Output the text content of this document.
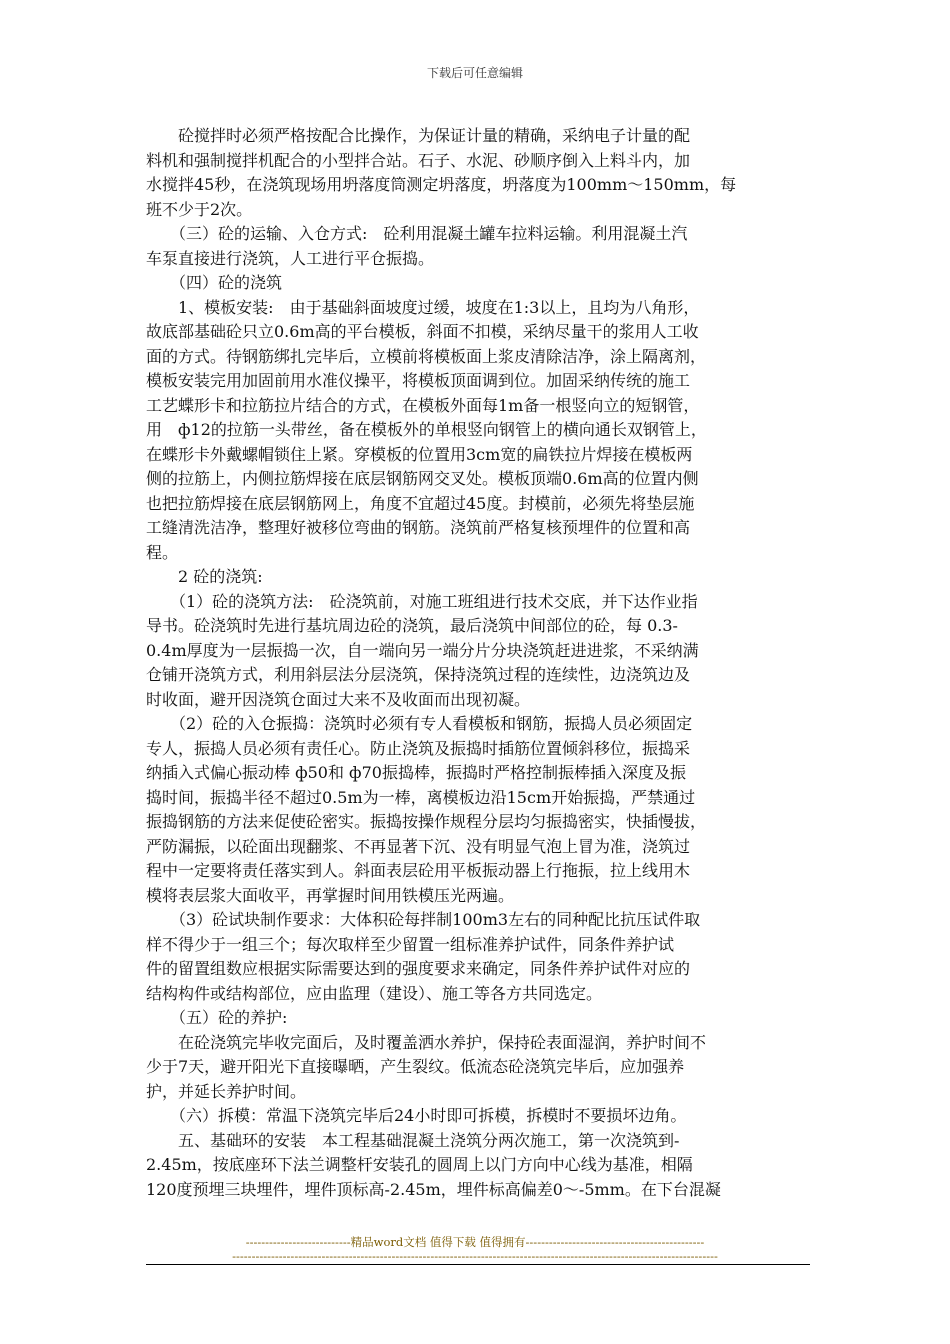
下载后可任意编辑
　　砼搅拌时必须严格按配合比操作，为保证计量的精确，采纳电子计量的配
料机和强制搅拌机配合的小型拌合站。石子、水泥、砂顺序倒入上料斗内，加
水搅拌45秒，在浇筑现场用坍落度筒测定坍落度，坍落度为100mm～150mm，每
班不少于2次。
　　（三）砼的运输、入仓方式:　砼利用混凝土罐车拉料运输。利用混凝土汽
车泵直接进行浇筑，人工进行平仓振捣。
　　（四）砼的浇筑
　　1、模板安装:　由于基础斜面坡度过缓，坡度在1:3以上，且均为八角形，
故底部基础砼只立0.6m高的平台模板，斜面不扣模，采纳尽量干的浆用人工收
面的方式。待钢筋绑扎完毕后，立模前将模板面上浆皮清除洁净，涂上隔离剂，
模板安装完用加固前用水准仪操平，将模板顶面调到位。加固采纳传统的施工
工艺蝶形卡和拉筋拉片结合的方式，在模板外面每1m备一根竖向立的短钢管，
用　ф12的拉筋一头带丝，备在模板外的单根竖向钢管上的横向通长双钢管上，
在蝶形卡外戴螺帽锁住上紧。穿模板的位置用3cm宽的扁铁拉片焊接在模板两
侧的拉筋上，内侧拉筋焊接在底层钢筋网交叉处。模板顶端0.6m高的位置内侧
也把拉筋焊接在底层钢筋网上，角度不宜超过45度。封模前，必须先将垫层施
工缝清洗洁净，整理好被移位弯曲的钢筋。浇筑前严格复核预埋件的位置和高
程。
　　2 砼的浇筑:
　　（1）砼的浇筑方法:　砼浇筑前，对施工班组进行技术交底，并下达作业指
导书。砼浇筑时先进行基坑周边砼的浇筑，最后浇筑中间部位的砼，每 0.3-
0.4m厚度为一层振捣一次，自一端向另一端分片分块浇筑赶进进浆，不采纳满
仓铺开浇筑方式，利用斜层法分层浇筑，保持浇筑过程的连续性，边浇筑边及
时收面，避开因浇筑仓面过大来不及收面而出现初凝。
　　（2）砼的入仓振捣：浇筑时必须有专人看模板和钢筋，振捣人员必须固定
专人，振捣人员必须有责任心。防止浇筑及振捣时插筋位置倾斜移位，振捣采
纳插入式偏心振动棒 ф50和 ф70振捣棒，振捣时严格控制振棒插入深度及振
捣时间，振捣半径不超过0.5m为一棒，离模板边沿15cm开始振捣，严禁通过
振捣钢筋的方法来促使砼密实。振捣按操作规程分层均匀振捣密实，快插慢拔，
严防漏振，以砼面出现翻浆、不再显著下沉、没有明显气泡上冒为准，浇筑过
程中一定要将责任落实到人。斜面表层砼用平板振动器上行拖振，拉上线用木
模将表层浆大面收平，再掌握时间用铁模压光两遍。
　　（3）砼试块制作要求：大体积砼每拌制100m3左右的同种配比抗压试件取
样不得少于一组三个；每次取样至少留置一组标准养护试件，同条件养护试
件的留置组数应根据实际需要达到的强度要求来确定，同条件养护试件对应的
结构构件或结构部位，应由监理（建设）、施工等各方共同选定。
　　（五）砼的养护:
　　在砼浇筑完毕收完面后，及时覆盖洒水养护，保持砼表面湿润，养护时间不
少于7天，避开阳光下直接曝晒，产生裂纹。低流态砼浇筑完毕后，应加强养
护，并延长养护时间。
　　（六）拆模：常温下浇筑完毕后24小时即可拆模，拆模时不要损坏边角。
　　五、基础环的安装　本工程基础混凝土浇筑分两次施工，第一次浇筑到-
2.45m，按底座环下法兰调整杆安装孔的圆周上以门方向中心线为基准，相隔
120度预埋三块埋件，埋件顶标高-2.45m，埋件标高偏差0～-5mm。在下台混凝
---------------------------精品word文档 值得下载 值得拥有----------------------------------------------
-----------------------------------------------------------------------------------------------------------------------------
